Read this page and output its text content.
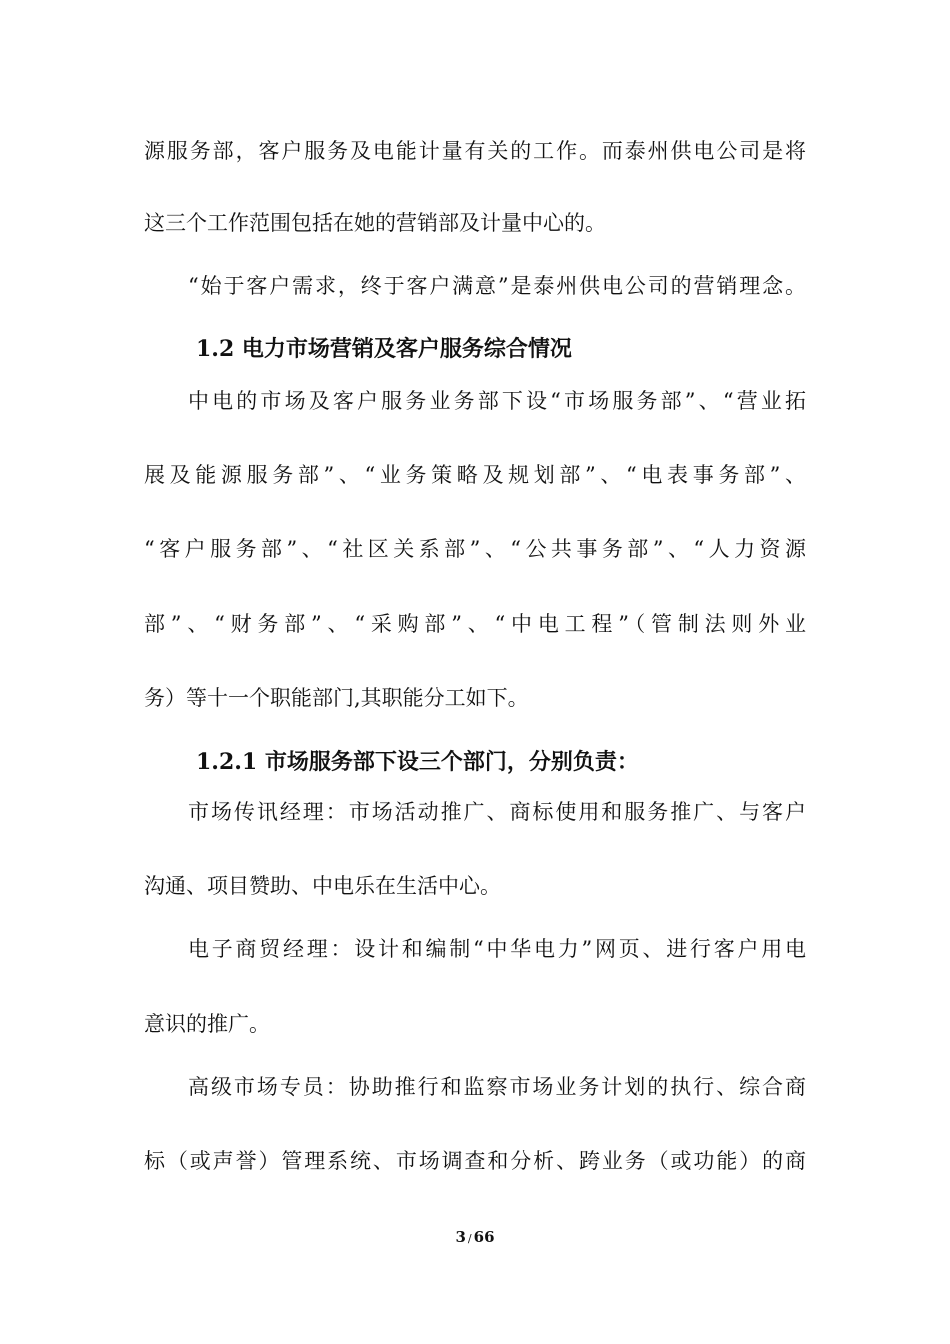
源服务部，客户服务及电能计量有关的工作。而泰州供电公司是将
这三个工作范围包括在她的营销部及计量中心的。
“始于客户需求，终于客户满意”是泰州供电公司的营销理念。
1.2 电力市场营销及客户服务综合情况
中电的市场及客户服务业务部下设“市场服务部”、“营业拓
展及能源服务部”、“业务策略及规划部”、“电表事务部”、
“客户服务部”、“社区关系部”、“公共事务部”、“人力资源
部”、“财务部”、“采购部”、“中电工程”（管制法则外业
务）等十一个职能部门,其职能分工如下。
1.2.1 市场服务部下设三个部门，分别负责：
市场传讯经理：市场活动推广、商标使用和服务推广、与客户
沟通、项目赞助、中电乐在生活中心。
电子商贸经理：设计和编制“中华电力”网页、进行客户用电
意识的推广。
高级市场专员：协助推行和监察市场业务计划的执行、综合商
标（或声誉）管理系统、市场调查和分析、跨业务（或功能）的商
3 / 66
